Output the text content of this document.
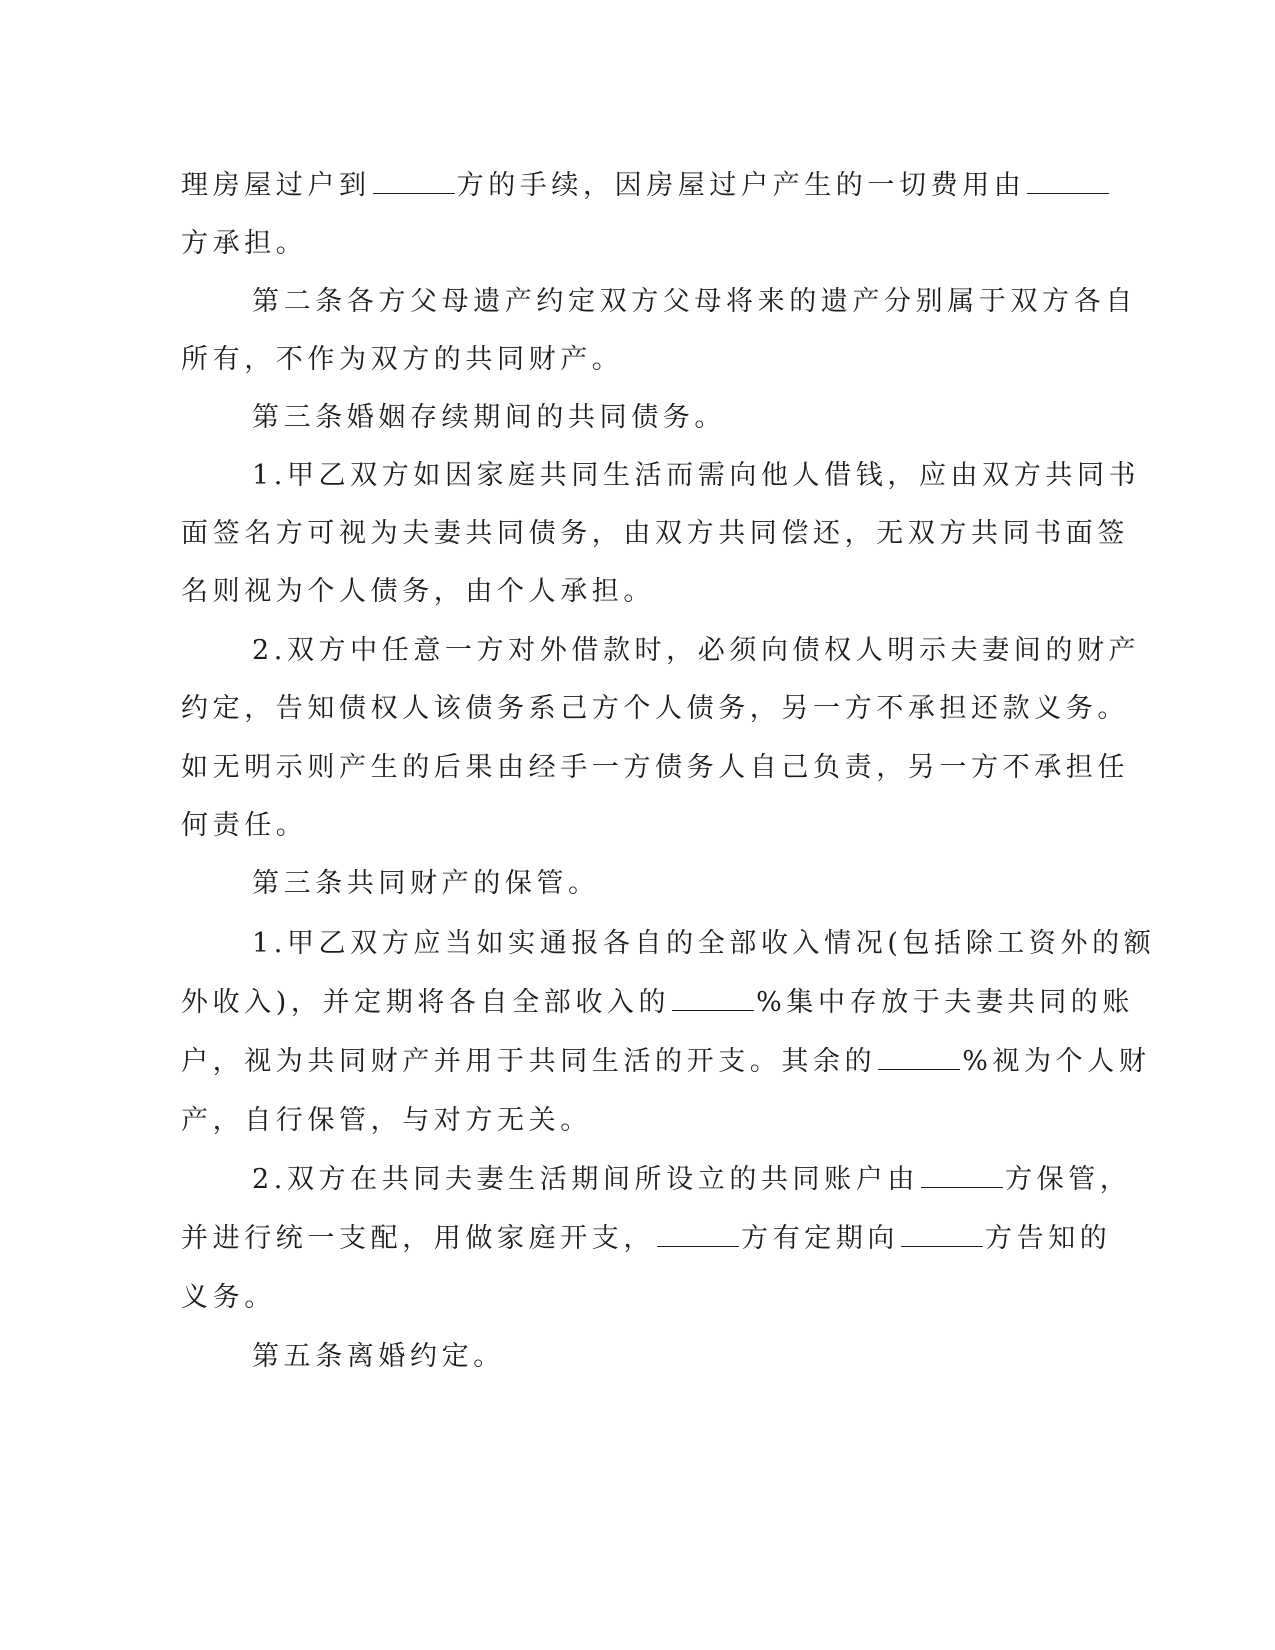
理房屋过户到	方的手续，因房屋过户产生的一切费用由
方承担。
第二条各方父母遗产约定双方父母将来的遗产分别属于双方各自
所有，不作为双方的共同财产。
第三条婚姻存续期间的共同债务。
1.甲乙双方如因家庭共同生活而需向他人借钱，应由双方共同书
面签名方可视为夫妻共同债务，由双方共同偿还，无双方共同书面签
名则视为个人债务，由个人承担。
2.双方中任意一方对外借款时，必须向债权人明示夫妻间的财产
约定，告知债权人该债务系己方个人债务，另一方不承担还款义务。
如无明示则产生的后果由经手一方债务人自己负责，另一方不承担任
何责任。
第三条共同财产的保管。
1.甲乙双方应当如实通报各自的全部收入情况(包括除工资外的额
外收入)，并定期将各自全部收入的	%集中存放于夫妻共同的账
户，视为共同财产并用于共同生活的开支。其余的	%视为个人财
产，自行保管，与对方无关。
2.双方在共同夫妻生活期间所设立的共同账户由	方保管，
并进行统一支配，用做家庭开支，	方有定期向	方告知的
义务。
第五条离婚约定。
